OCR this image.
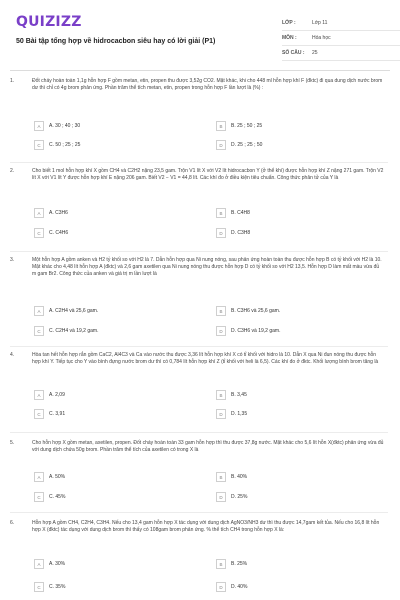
QUIZIZZ
50 Bài tập tổng hợp về hidrocacbon siêu hay có lời giải (P1)
LỚP :	Lớp 11
MÔN :	Hóa học
SỐ CÂU :	25
1.	Đốt cháy hoàn toàn 1,1g hỗn hợp F gồm metan, etin, propen thu được 3,52g CO2. Mặt khác, khi cho 448 ml hỗn hợp khí F (đktc) đi qua dung dịch nước brom dư thì chỉ có 4g brom phản ứng. Phần trăm thể tích metan, etin, propen trong hỗn hợp F lần lượt là (%) :
A	A. 30 ; 40 ; 30	B	B. 25 ; 50 ; 25
C	C. 50 ; 25 ; 25	D	D. 25 ; 25 ; 50
2.	Cho biết 1 mol hỗn hợp khí X gồm CH4 và C2H2 nặng 23,5 gam. Trộn V1 lít X với V2 lít hidrocacbon Y (ở thể khí) được hỗn hợp khí Z nặng 271 gam. Trộn V2 lít X với V1 lít Y được hỗn hợp khí E nặng 206 gam. Biết V2 − V1 = 44,8 lít. Các khí đo ở điều kiện tiêu chuẩn. Công thức phân tử của Y là
A	A. C3H6	B	B. C4H8
C	C. C4H6	D	D. C3H8
3.	Một hỗn hợp A gồm anken và H2 tỷ khối so với H2 là 7. Dẫn hỗn hợp qua Ni nung nóng, sau phản ứng hoàn toàn thu được hỗn hợp B có tỷ khối với H2 là 10. Mặt khác cho 4,48 lít hỗn hợp A (đktc) và 2,6 gam axetilen qua Ni nung nóng thu được hỗn hợp D có tỷ khối so với H2 13,5. Hỗn hợp D làm mất màu vừa đủ m gam Br2. Công thức của anken và giá trị m lần lượt là
A	A. C2H4 và 25,6 gam.	B	B. C3H6 và 25,6 gam.
C	C. C2H4 và 19,2 gam.	D	D. C3H6 và 19,2 gam.
4.	Hòa tan hết hỗn hợp rắn gồm CaC2, Al4C3 và Ca vào nước thu được 3,36 lít hỗn hợp khí X có tỉ khối với hidro là 10. Dẫn X qua Ni đun nóng thu được hỗn hợp khí Y. Tiếp tục cho Y vào bình đựng nước brom dư thì có 0,784 lít hỗn hợp khí Z (tỉ khối với heli là 6,5). Các khí đo ở đktc. Khối lượng bình brom tăng là
A	A. 2,09	B	B. 3,45
C	C. 3,91	D	D. 1,35
5.	Cho hỗn hợp X gồm metan, axetilen, propen. Đốt cháy hoàn toàn 33 gam hỗn hợp thì thu được 37,8g nước. Mặt khác cho 5,6 lít hỗn X(đktc) phản ứng vừa đủ với dung dịch chứa 50g brom. Phần trăm thể tích của axetilen có trong X là
A	A. 50%	B	B. 40%
C	C. 45%	D	D. 25%
6.	Hỗn hợp A gồm CH4, C2H4, C3H4. Nếu cho 13,4 gam hỗn hợp X tác dụng với dung dịch AgNO3/NH3 dư thì thu được 14,7gam kết tủa. Nếu cho 16,8 lít hỗn hợp X (đktc) tác dụng với dung dịch brom thì thấy có 108gam brom phản ứng. % thể tích CH4 trong hỗn hợp X là:
A	A. 30%	B	B. 25%
C	C. 35%	D	D. 40%
